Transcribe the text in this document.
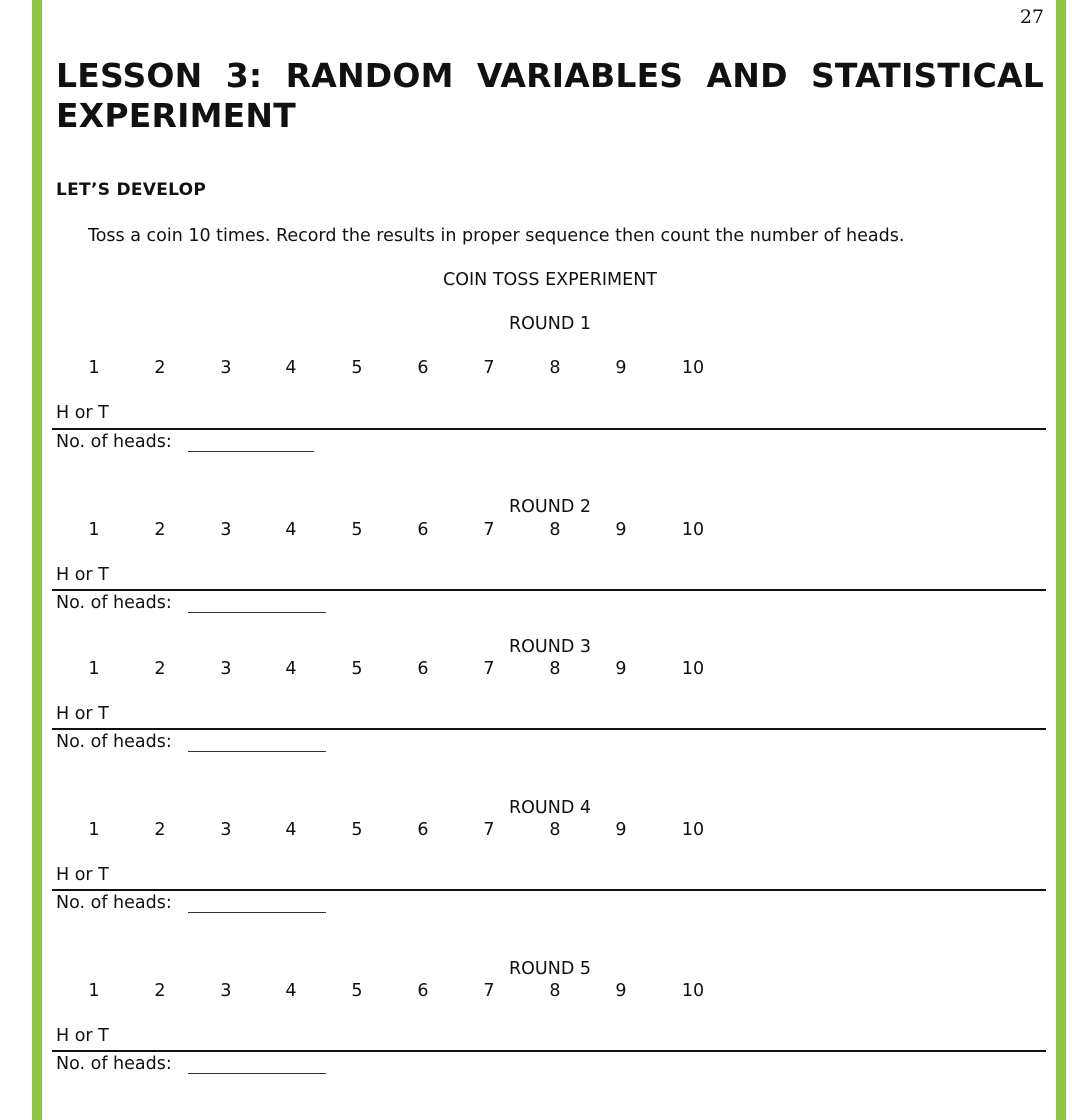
27
LESSON 3: RANDOM VARIABLES AND STATISTICAL EXPERIMENT
LET’S DEVELOP
Toss a coin 10 times. Record the results in proper sequence then count the number of heads.
COIN TOSS EXPERIMENT
ROUND 1
1	2	3	4	5	6	7	8	9	10
H or T
No. of heads:
ROUND 2
1	2	3	4	5	6	7	8	9	10
H or T
No. of heads:
ROUND 3
1	2	3	4	5	6	7	8	9	10
H or T
No. of heads:
ROUND 4
1	2	3	4	5	6	7	8	9	10
H or T
No. of heads:
ROUND 5
1	2	3	4	5	6	7	8	9	10
H or T
No. of heads:
